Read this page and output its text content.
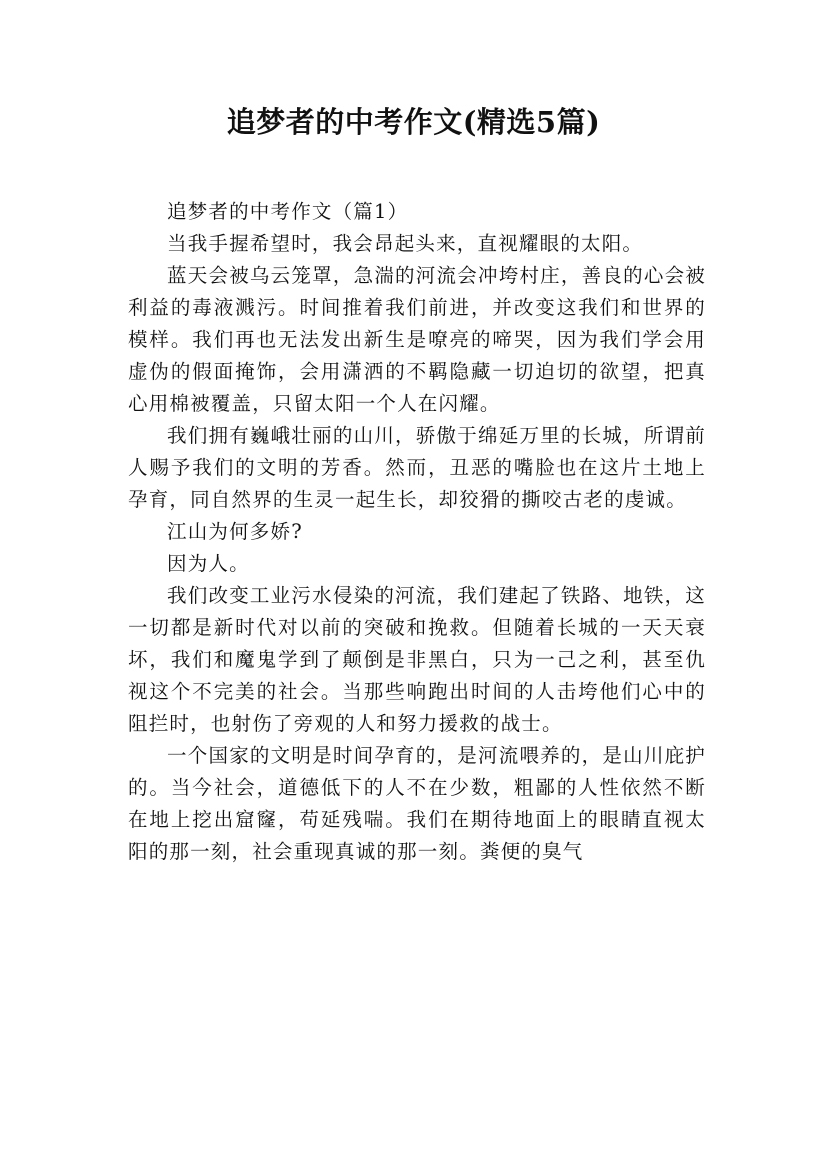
追梦者的中考作文(精选5篇)

追梦者的中考作文（篇1）

当我手握希望时，我会昂起头来，直视耀眼的太阳。

蓝天会被乌云笼罩，急湍的河流会冲垮村庄，善良的心会被利益的毒液溅污。时间推着我们前进，并改变这我们和世界的模样。我们再也无法发出新生是嘹亮的啼哭，因为我们学会用虚伪的假面掩饰，会用潇洒的不羁隐藏一切迫切的欲望，把真心用棉被覆盖，只留太阳一个人在闪耀。

我们拥有巍峨壮丽的山川，骄傲于绵延万里的长城，所谓前人赐予我们的文明的芳香。然而，丑恶的嘴脸也在这片土地上孕育，同自然界的生灵一起生长，却狡猾的撕咬古老的虔诚。

江山为何多娇?

因为人。

我们改变工业污水侵染的河流，我们建起了铁路、地铁，这一切都是新时代对以前的突破和挽救。但随着长城的一天天衰坏，我们和魔鬼学到了颠倒是非黑白，只为一己之利，甚至仇视这个不完美的社会。当那些响跑出时间的人击垮他们心中的阻拦时，也射伤了旁观的人和努力援救的战士。

一个国家的文明是时间孕育的，是河流喂养的，是山川庇护的。当今社会，道德低下的人不在少数，粗鄙的人性依然不断在地上挖出窟窿，苟延残喘。我们在期待地面上的眼睛直视太阳的那一刻，社会重现真诚的那一刻。粪便的臭气
